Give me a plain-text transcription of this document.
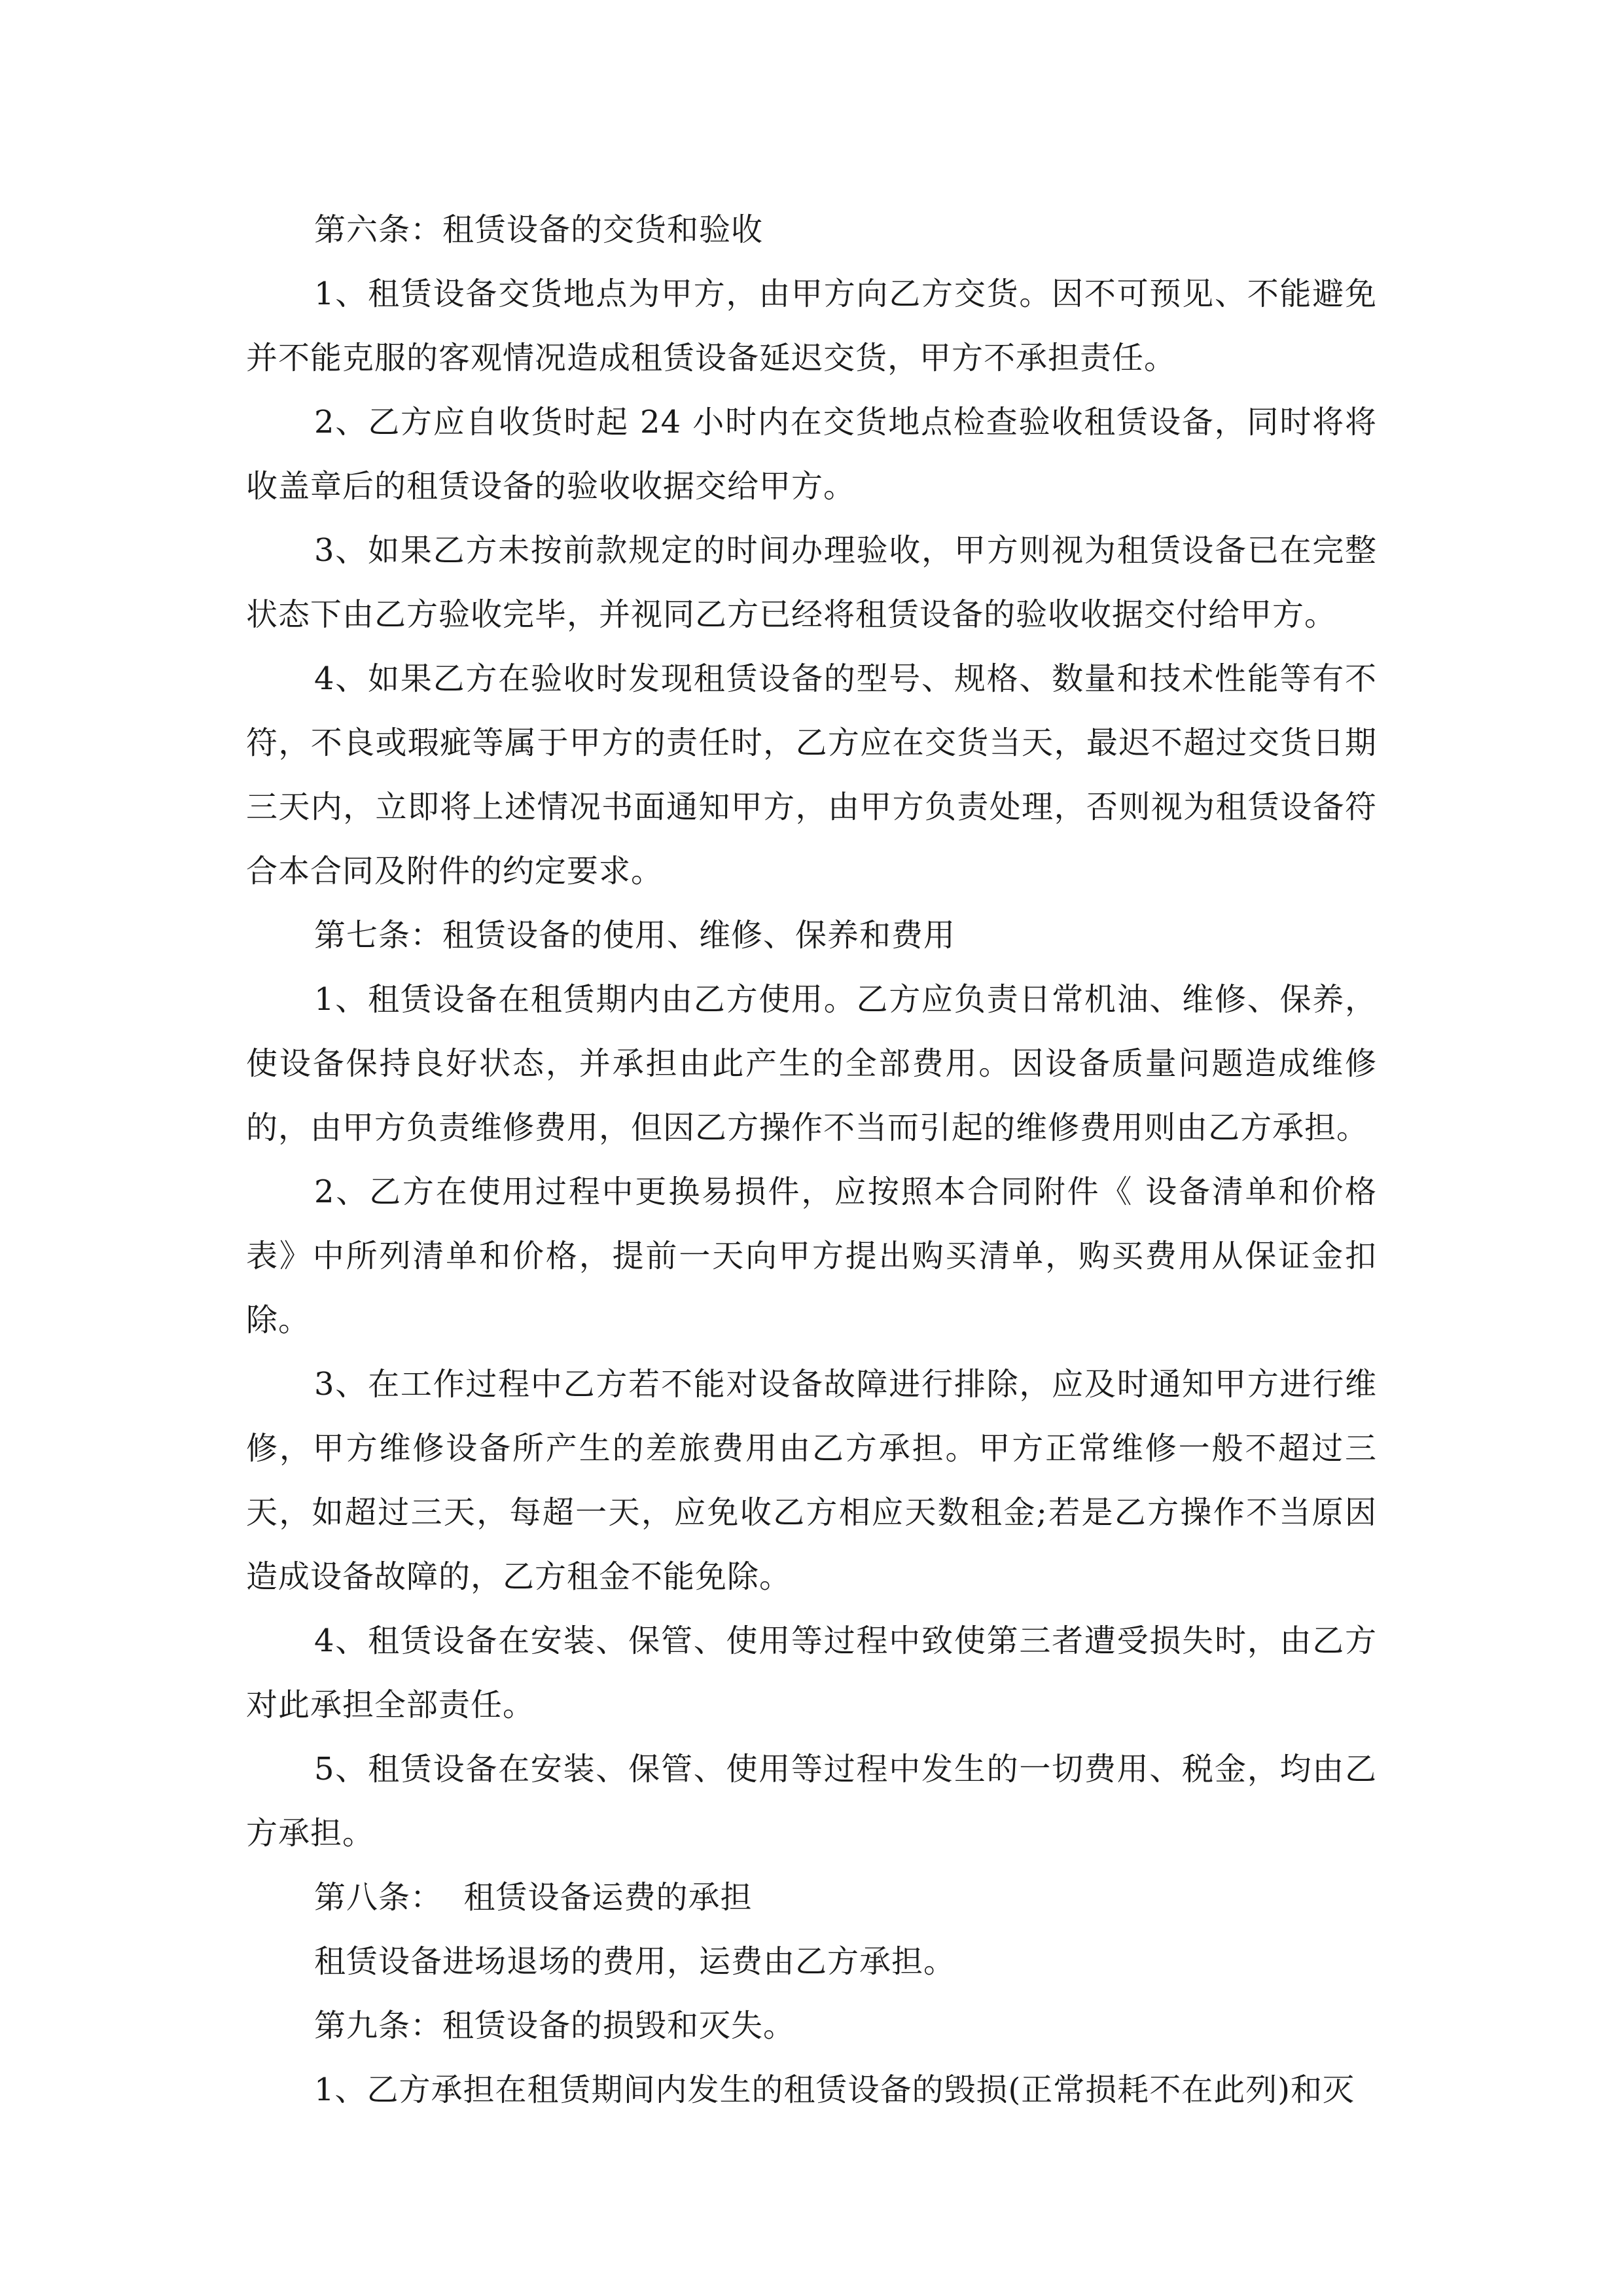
第六条：租赁设备的交货和验收

1、租赁设备交货地点为甲方，由甲方向乙方交货。因不可预见、不能避免并不能克服的客观情况造成租赁设备延迟交货，甲方不承担责任。

2、乙方应自收货时起 24 小时内在交货地点检查验收租赁设备，同时将将收盖章后的租赁设备的验收收据交给甲方。

3、如果乙方未按前款规定的时间办理验收，甲方则视为租赁设备已在完整状态下由乙方验收完毕，并视同乙方已经将租赁设备的验收收据交付给甲方。

4、如果乙方在验收时发现租赁设备的型号、规格、数量和技术性能等有不符，不良或瑕疵等属于甲方的责任时，乙方应在交货当天，最迟不超过交货日期三天内，立即将上述情况书面通知甲方，由甲方负责处理，否则视为租赁设备符合本合同及附件的约定要求。

第七条：租赁设备的使用、维修、保养和费用

1、租赁设备在租赁期内由乙方使用。乙方应负责日常机油、维修、保养，使设备保持良好状态，并承担由此产生的全部费用。因设备质量问题造成维修的，由甲方负责维修费用，但因乙方操作不当而引起的维修费用则由乙方承担。

2、乙方在使用过程中更换易损件，应按照本合同附件《 设备清单和价格表》中所列清单和价格，提前一天向甲方提出购买清单，购买费用从保证金扣除。

3、在工作过程中乙方若不能对设备故障进行排除，应及时通知甲方进行维修，甲方维修设备所产生的差旅费用由乙方承担。甲方正常维修一般不超过三天，如超过三天，每超一天，应免收乙方相应天数租金;若是乙方操作不当原因造成设备故障的，乙方租金不能免除。

4、租赁设备在安装、保管、使用等过程中致使第三者遭受损失时，由乙方对此承担全部责任。

5、租赁设备在安装、保管、使用等过程中发生的一切费用、税金，均由乙方承担。

第八条：  租赁设备运费的承担

租赁设备进场退场的费用，运费由乙方承担。

第九条：租赁设备的损毁和灭失。

1、乙方承担在租赁期间内发生的租赁设备的毁损(正常损耗不在此列)和灭
